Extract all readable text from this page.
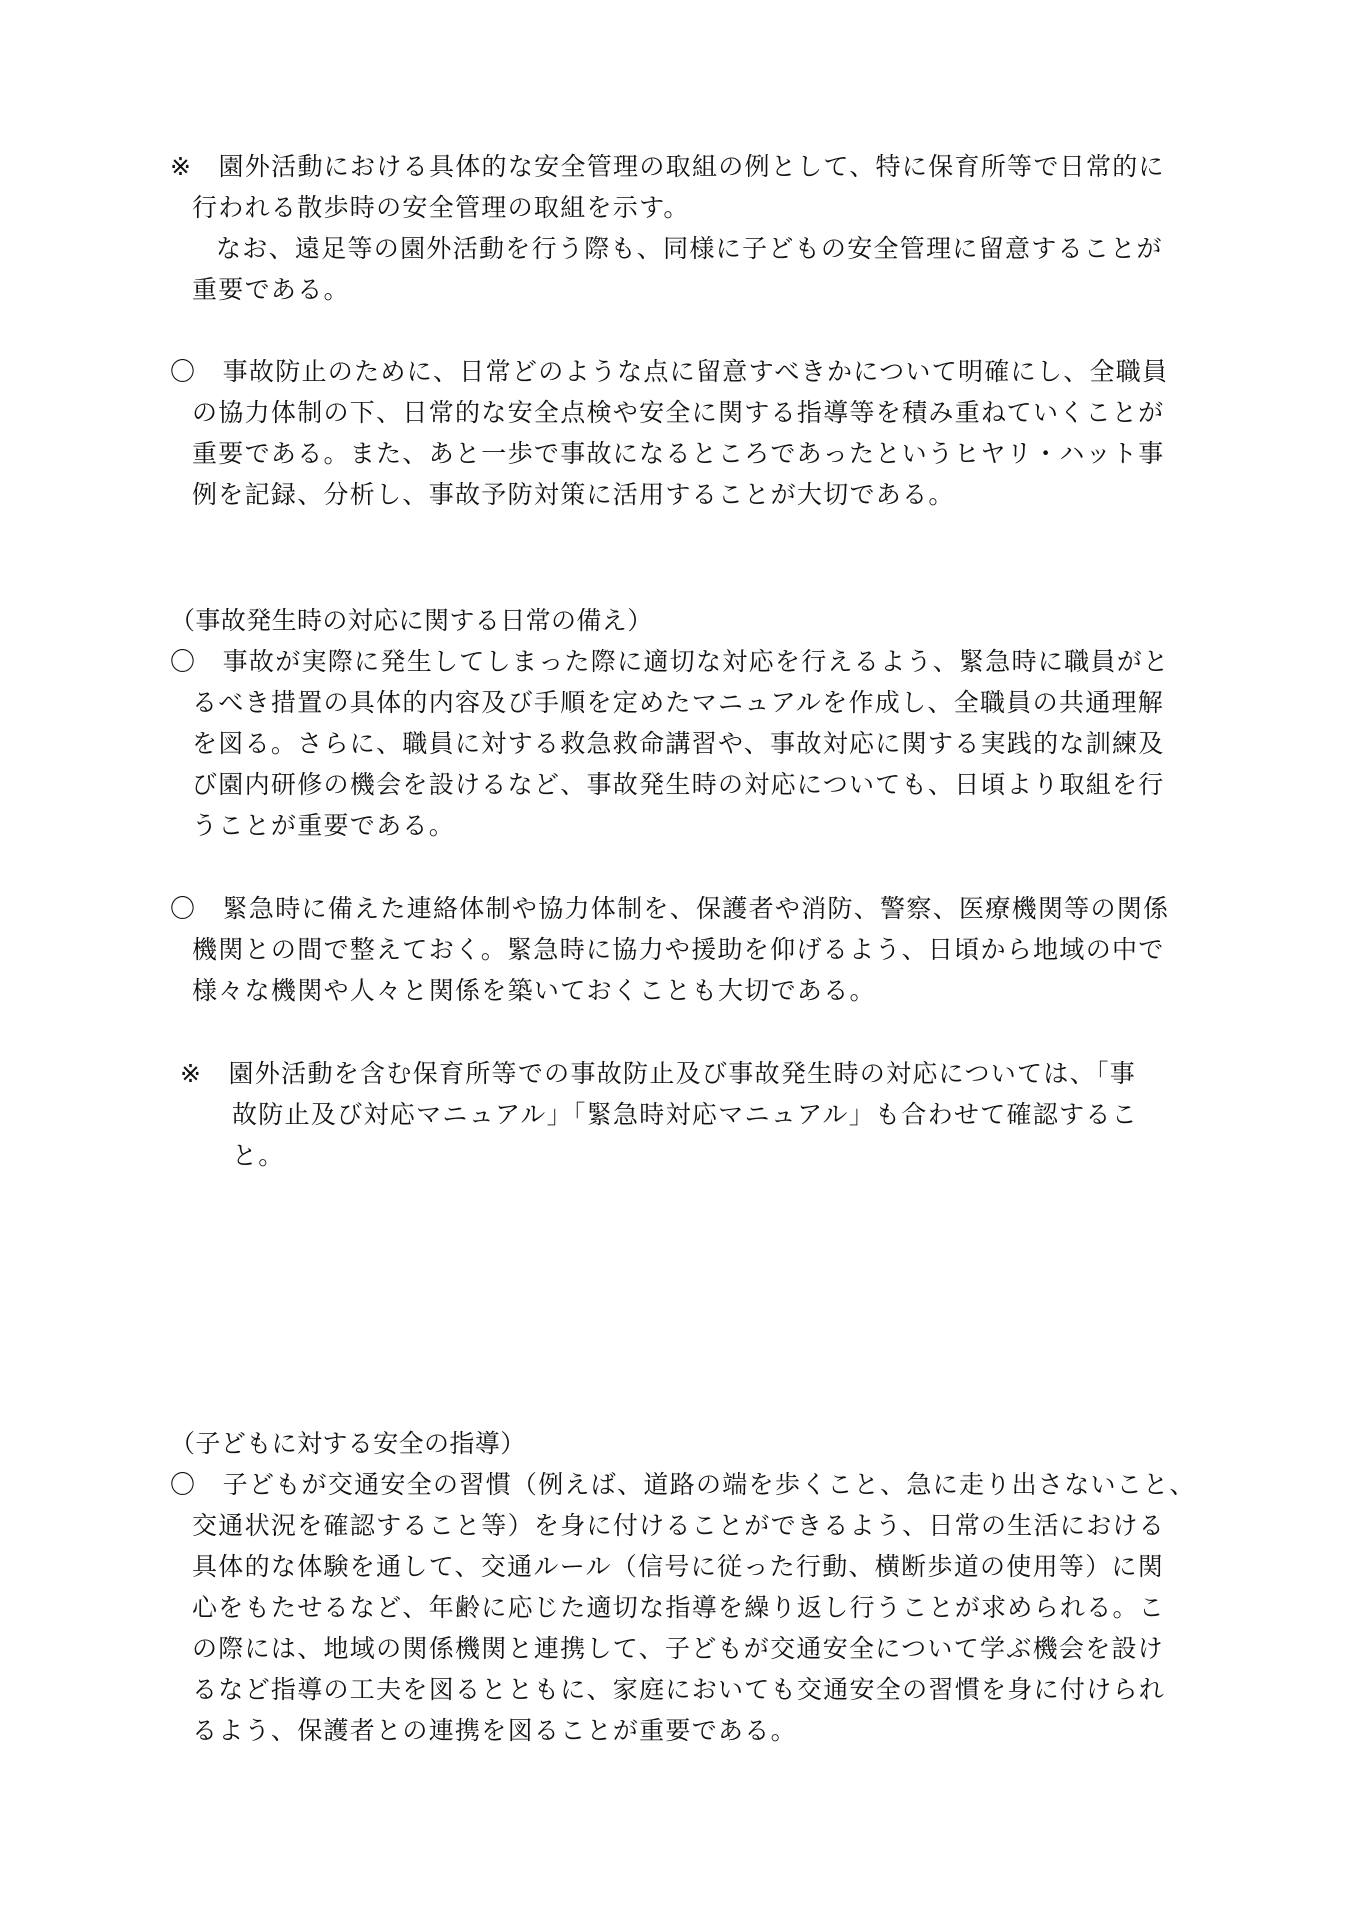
※　園外活動における具体的な安全管理の取組の例として、特に保育所等で日常的に
行われる散歩時の安全管理の取組を示す。
なお、遠足等の園外活動を行う際も、同様に子どもの安全管理に留意することが
重要である。
〇　事故防止のために、日常どのような点に留意すべきかについて明確にし、全職員
の協力体制の下、日常的な安全点検や安全に関する指導等を積み重ねていくことが
重要である。また、あと一歩で事故になるところであったというヒヤリ・ハット事
例を記録、分析し、事故予防対策に活用することが大切である。
（事故発生時の対応に関する日常の備え）
〇　事故が実際に発生してしまった際に適切な対応を行えるよう、緊急時に職員がと
るべき措置の具体的内容及び手順を定めたマニュアルを作成し、全職員の共通理解
を図る。さらに、職員に対する救急救命講習や、事故対応に関する実践的な訓練及
び園内研修の機会を設けるなど、事故発生時の対応についても、日頃より取組を行
うことが重要である。
〇　緊急時に備えた連絡体制や協力体制を、保護者や消防、警察、医療機関等の関係
機関との間で整えておく。緊急時に協力や援助を仰げるよう、日頃から地域の中で
様々な機関や人々と関係を築いておくことも大切である。
※　園外活動を含む保育所等での事故防止及び事故発生時の対応については、「事
故防止及び対応マニュアル」「緊急時対応マニュアル」も合わせて確認するこ
と。
（子どもに対する安全の指導）
〇　子どもが交通安全の習慣（例えば、道路の端を歩くこと、急に走り出さないこと、
交通状況を確認すること等）を身に付けることができるよう、日常の生活における
具体的な体験を通して、交通ルール（信号に従った行動、横断歩道の使用等）に関
心をもたせるなど、年齢に応じた適切な指導を繰り返し行うことが求められる。こ
の際には、地域の関係機関と連携して、子どもが交通安全について学ぶ機会を設け
るなど指導の工夫を図るとともに、家庭においても交通安全の習慣を身に付けられ
るよう、保護者との連携を図ることが重要である。
